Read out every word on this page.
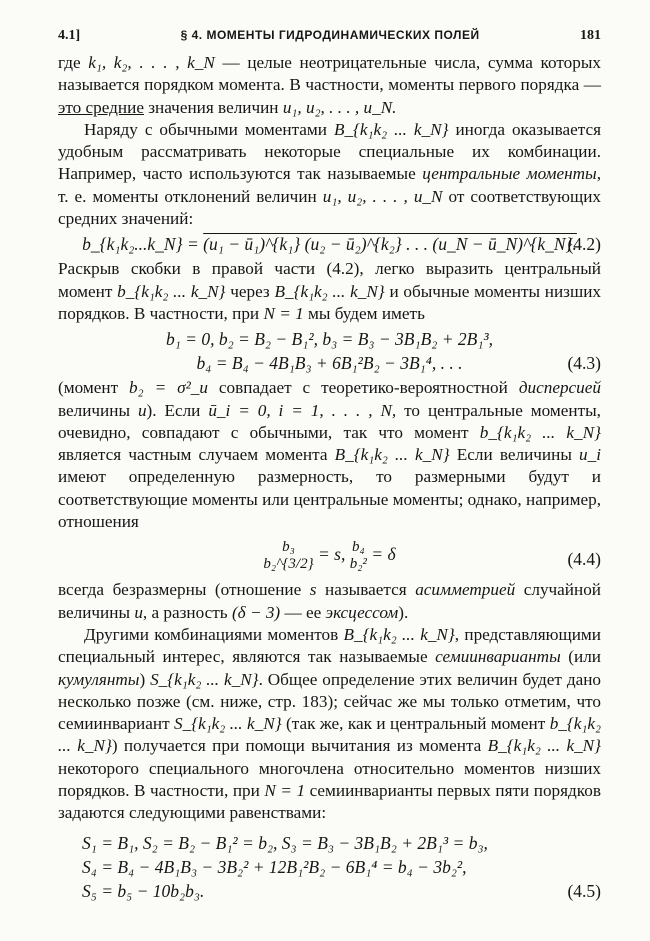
4.1]	§ 4. МОМЕНТЫ ГИДРОДИНАМИЧЕСКИХ ПОЛЕЙ	181

где k₁, k₂, . . . , k_N — целые неотрицательные числа, сумма которых называется порядком момента. В частности, моменты первого порядка — это средние значения величин u₁, u₂, . . . , u_N.

Наряду с обычными моментами B_{k₁k₂ ... k_N} иногда оказывается удобным рассматривать некоторые специальные их комбинации. Например, часто используются так называемые центральные моменты, т. е. моменты отклонений величин u₁, u₂, . . . , u_N от соответствующих средних значений:

b_{k₁k₂...k_N} = (u₁ − ū₁)^{k₁} (u₂ − ū₂)^{k₂} . . . (u_N − ū_N)^{k_N}.
(4.2)

Раскрыв скобки в правой части (4.2), легко выразить центральный момент b_{k₁k₂ ... k_N} через B_{k₁k₂ ... k_N} и обычные моменты низших порядков. В частности, при N = 1 мы будем иметь

b₁ = 0, b₂ = B₂ − B₁², b₃ = B₃ − 3B₁B₂ + 2B₁³,
b₄ = B₄ − 4B₁B₃ + 6B₁²B₂ − 3B₁⁴, . . .	(4.3)

(момент b₂ = σ²_u совпадает с теоретико-вероятностной дисперсией величины u). Если ū_i = 0, i = 1, . . . , N, то центральные моменты, очевидно, совпадают с обычными, так что момент b_{k₁k₂ ... k_N} является частным случаем момента B_{k₁k₂ ... k_N} Если величины u_i имеют определенную размерность, то размерными будут и соответствующие моменты или центральные моменты; однако, например, отношения

b₃
b₂^{3/2} = s, b₄
b₂² = δ	(4.4)

всегда безразмерны (отношение s называется асимметрией случайной величины u, а разность (δ − 3) — ее эксцессом).

Другими комбинациями моментов B_{k₁k₂ ... k_N}, представляющими специальный интерес, являются так называемые семиинварианты (или кумулянты) S_{k₁k₂ ... k_N}. Общее определение этих величин будет дано несколько позже (см. ниже, стр. 183); сейчас же мы только отметим, что семиинвариант S_{k₁k₂ ... k_N} (так же, как и центральный момент b_{k₁k₂ ... k_N}) получается при помощи вычитания из момента B_{k₁k₂ ... k_N} некоторого специального многочлена относительно моментов низших порядков. В частности, при N = 1 семиинварианты первых пяти порядков задаются следующими равенствами:

S₁ = B₁, S₂ = B₂ − B₁² = b₂, S₃ = B₃ − 3B₁B₂ + 2B₁³ = b₃,
S₄ = B₄ − 4B₁B₃ − 3B₂² + 12B₁²B₂ − 6B₁⁴ = b₄ − 3b₂²,
S₅ = b₅ − 10b₂b₃.	(4.5)
